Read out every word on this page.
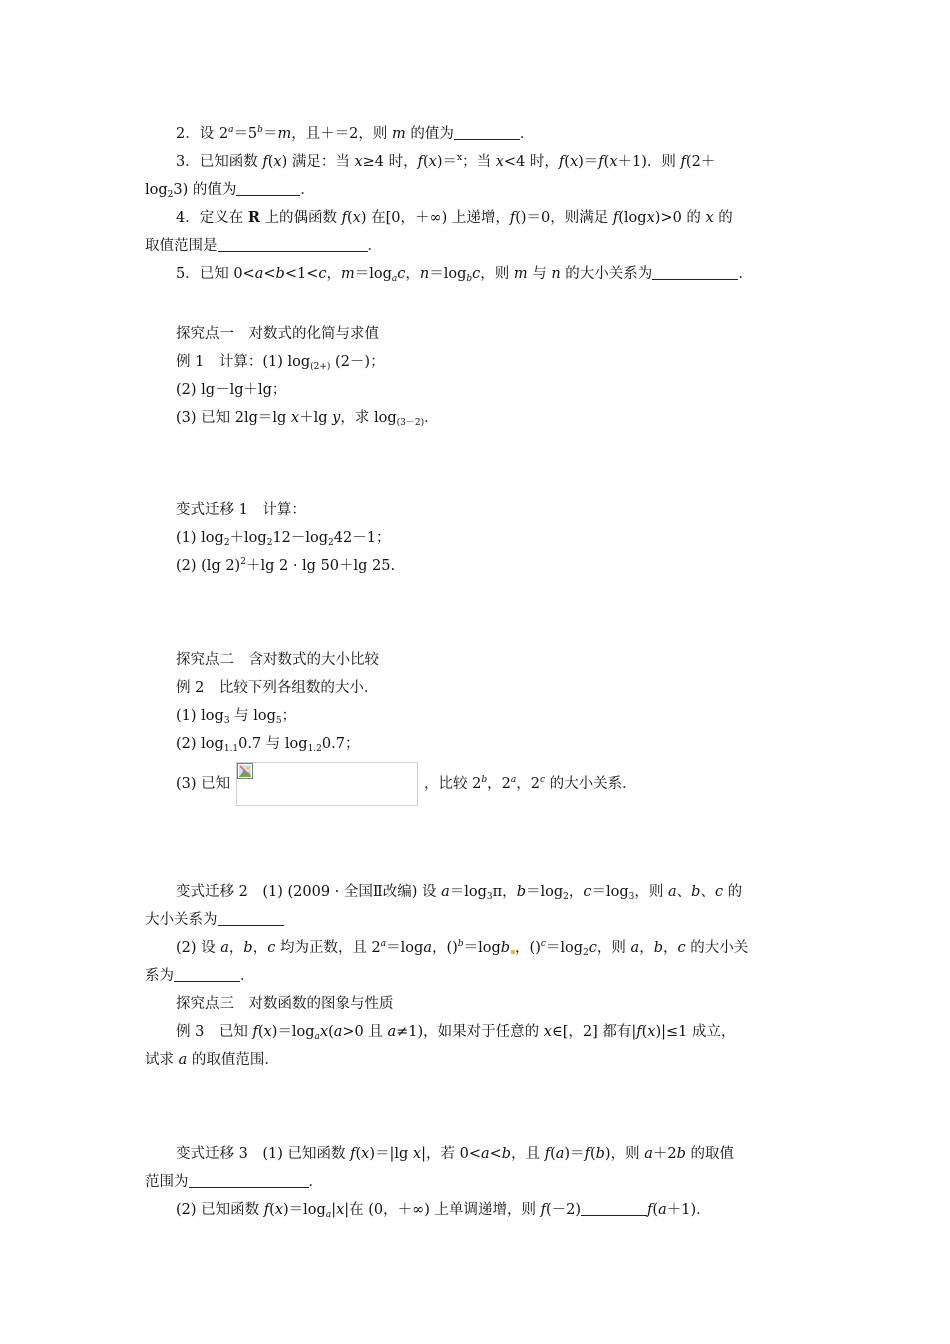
2．设 $2^a=5^b=m$，且＋＝2，则 m 的值为	．
3．已知函数 f(x) 满足：当 x≥4 时，f(x)＝$^x$；当 x<4 时，f(x)＝f(x＋1)．则 f(2＋
$\log_23$) 的值为	．
4．定义在 R 上的偶函数 f(x) 在[0，＋∞) 上递增，f()＝0，则满足 f(logx)>0 的 x 的
取值范围是	．
5．已知 0<a<b<1<c，$m=\log_ac$，$n=\log_bc$，则 m 与 n 的大小关系为	．
探究点一　对数式的化简与求值
例 1　计算：(1) $\log_{(2+)} (2-)$；
(2) lg－lg＋lg；
(3) 已知 2lg＝lg x＋lg y，求 $\log_{(3-2)}$．
变式迁移 1　计算：
(1) $\log_2+\log_212-\log_242-1$；
(2) (lg 2)$^2$＋lg 2 · lg 50＋lg 25.
探究点二　含对数式的大小比较
例 2　比较下列各组数的大小．
(1) $\log_3$ 与 $\log_5$；
(2) $\log_{1.1}0.7$ 与 $\log_{1.2}0.7$；
(3) 已知	，比较 2$^b$，2$^a$，2$^c$ 的大小关系．
变式迁移 2　(1) (2009 · 全国Ⅱ改编) 设 $a=\log_3\pi$，$b=\log_2$，$c=\log_3$，则 a、b、c 的
大小关系为
(2) 设 a，b，c 均为正数，且 $2^a=\log a$，()$^b$＝logb ，$()^c=\log_2c$，则 a，b，c 的大小关
系为	．
探究点三　对数函数的图象与性质
例 3　已知 $f(x)=\log_ax(a>0$ 且 a≠1)，如果对于任意的 x∈[，2] 都有|f(x)|≤1 成立，
试求 a 的取值范围．
变式迁移 3　(1) 已知函数 f(x)＝|lg x|，若 0<a<b，且 f(a)＝f(b)，则 a＋2b 的取值
范围为	．
(2) 已知函数 $f(x)=\log_a|x|$在 (0，＋∞) 上单调递增，则 f(－2)	f(a＋1)．
